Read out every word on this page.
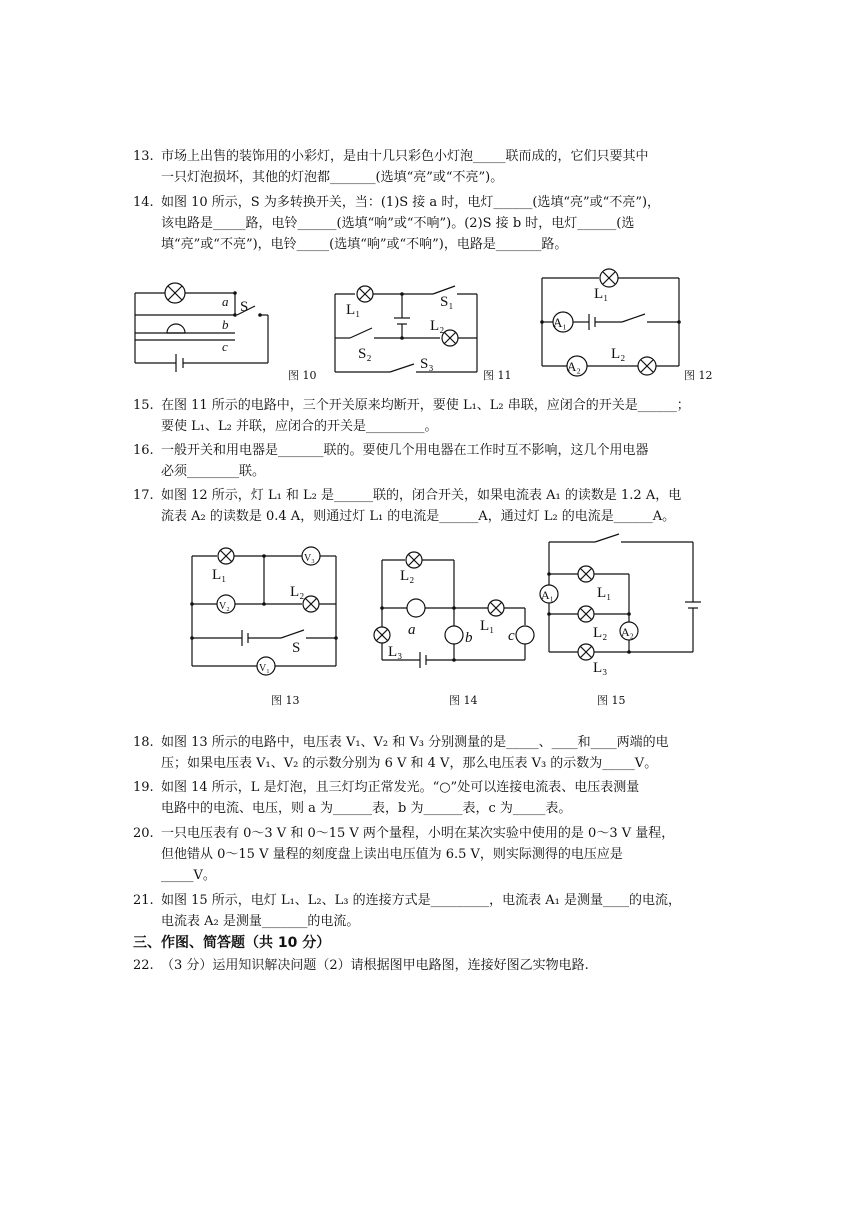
13. 市场上出售的装饰用的小彩灯，是由十几只彩色小灯泡_____联而成的，它们只要其中
一只灯泡损坏，其他的灯泡都_______(选填“亮”或“不亮”)。
14. 如图 10 所示，S 为多转换开关，当：(1)S 接 a 时，电灯______(选填“亮”或“不亮”)，
该电路是_____路，电铃______(选填“响”或“不响”)。(2)S 接 b 时，电灯______(选
填“亮”或“不亮”)，电铃_____(选填“响”或“不响”)，电路是_______路。
a S
b
c
图 10
L₁	S₁
L₂
S₂
S₃
图 11
L₁
A₁
L₂
A₂
图 12
15. 在图 11 所示的电路中，三个开关原来均断开，要使 L₁、L₂ 串联，应闭合的开关是______；
要使 L₁、L₂ 并联，应闭合的开关是_________。
16. 一般开关和用电器是_______联的。要使几个用电器在工作时互不影响，这几个用电器
必须________联。
17. 如图 12 所示，灯 L₁ 和 L₂ 是______联的，闭合开关，如果电流表 A₁ 的读数是 1.2 A，电
流表 A₂ 的读数是 0.4 A，则通过灯 L₁ 的电流是______A，通过灯 L₂ 的电流是______A。
L₁
V₃
L₂
V₂
S
V₁
图 13
L₂
a	L₁
c
b
L₃
图 14
A₁	L₁
A₂
L₂
L₃
图 15
18. 如图 13 所示的电路中，电压表 V₁、V₂ 和 V₃ 分别测量的是_____、____和____两端的电
压；如果电压表 V₁、V₂ 的示数分别为 6 V 和 4 V，那么电压表 V₃ 的示数为_____V。
19. 如图 14 所示，L 是灯泡，且三灯均正常发光。“○”处可以连接电流表、电压表测量
电路中的电流、电压，则 a 为______表，b 为______表，c 为_____表。
20. 一只电压表有 0～3 V 和 0～15 V 两个量程，小明在某次实验中使用的是 0～3 V 量程，
但他错从 0～15 V 量程的刻度盘上读出电压值为 6.5 V，则实际测得的电压应是
_____V。
21. 如图 15 所示，电灯 L₁、L₂、L₃ 的连接方式是_________，电流表 A₁ 是测量____的电流，
电流表 A₂ 是测量_______的电流。
三、作图、简答题（共 10 分）
22. （3 分）运用知识解决问题（2）请根据图甲电路图，连接好图乙实物电路.
